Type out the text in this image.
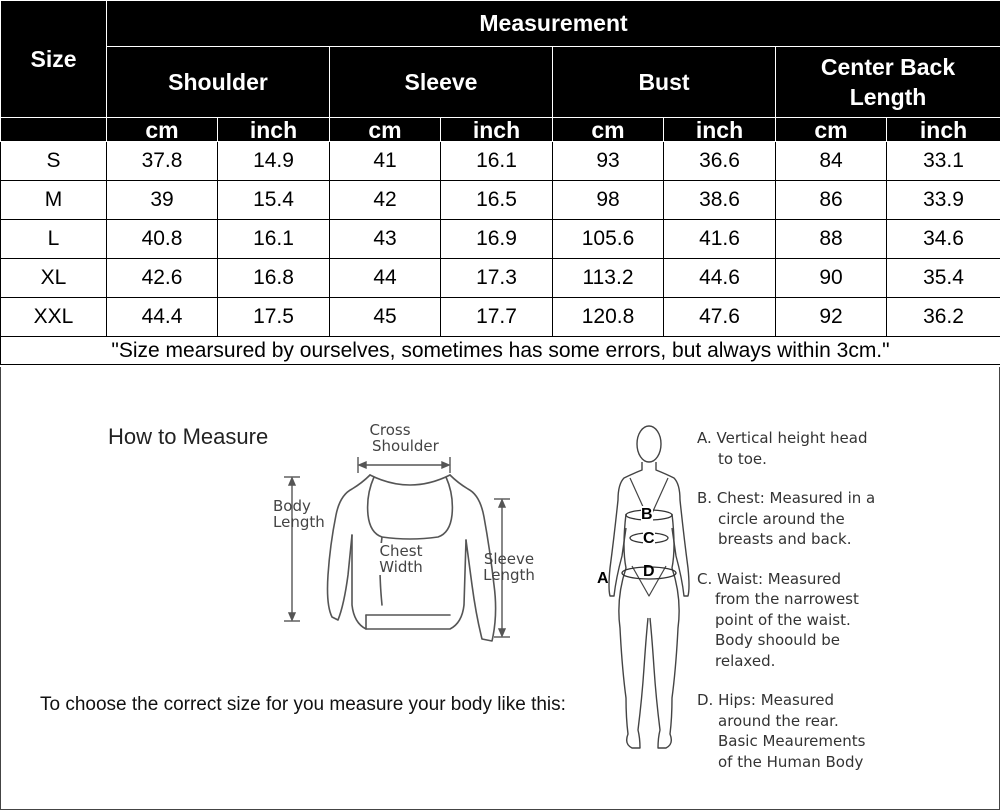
Size	Measurement							
	Shoulder		Sleeve		Bust		Center Back Length	
	cm	inch	cm	inch	cm	inch	cm	inch
S	37.8	14.9	41	16.1	93	36.6	84	33.1
M	39	15.4	42	16.5	98	38.6	86	33.9
L	40.8	16.1	43	16.9	105.6	41.6	88	34.6
XL	42.6	16.8	44	17.3	113.2	44.6	90	35.4
XXL	44.4	17.5	45	17.7	120.8	47.6	92	36.2
"Size mearsured by ourselves, sometimes has some errors, but always within 3cm."								
How to Measure	Cross
Shoulder
Body
Length
Chest
Width	Sleeve
Length
To choose the correct size for you measure your body like this:
B
C
D
A
A. Vertical height head
to toe.
B. Chest: Measured in a
circle around the
breasts and back.
C. Waist: Measured
from the narrowest
point of the waist.
Body shoould be
relaxed.
D. Hips: Measured
around the rear.
Basic Meaurements
of the Human Body
